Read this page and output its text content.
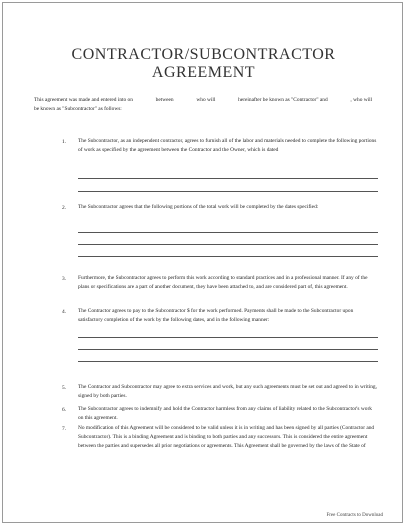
CONTRACTOR/SUBCONTRACTOR
AGREEMENT
This agreement was made and entered into on	between	who will	hereinafter be known as "Contractor" and	, who will be known as "Subcontractor" as follows:
1. The Subcontractor, as an independent contractor, agrees to furnish all of the labor and materials needed to complete the following portions of work as specified by the agreement between the Contractor and the Owner, which is dated
2. The Subcontractor agrees that the following portions of the total work will be completed by the dates specified:
3. Furthermore, the Subcontractor agrees to perform this work according to standard practices and in a professional manner. If any of the plans or specifications are a part of another document, they have been attached to, and are considered part of, this agreement.
4. The Contractor agrees to pay to the Subcontractor $ for the work performed. Payments shall be made to the Subcontractor upon satisfactory completion of the work by the following dates, and in the following manner:
5. The Contractor and Subcontractor may agree to extra services and work, but any such agreements must be set out and agreed to in writing, signed by both parties.
6. The Subcontractor agrees to indemnify and hold the Contractor harmless from any claims of liability related to the Subcontractor's work on this agreement.
7. No modification of this Agreement will be considered to be valid unless it is in writing and has been signed by all parties (Contractor and Subcontractor). This is a binding Agreement and is binding to both parties and any successors. This is considered the entire agreement between the parties and supersedes all prior negotiations or agreements. This Agreement shall be governed by the laws of the State of
Free Contracts to Download
